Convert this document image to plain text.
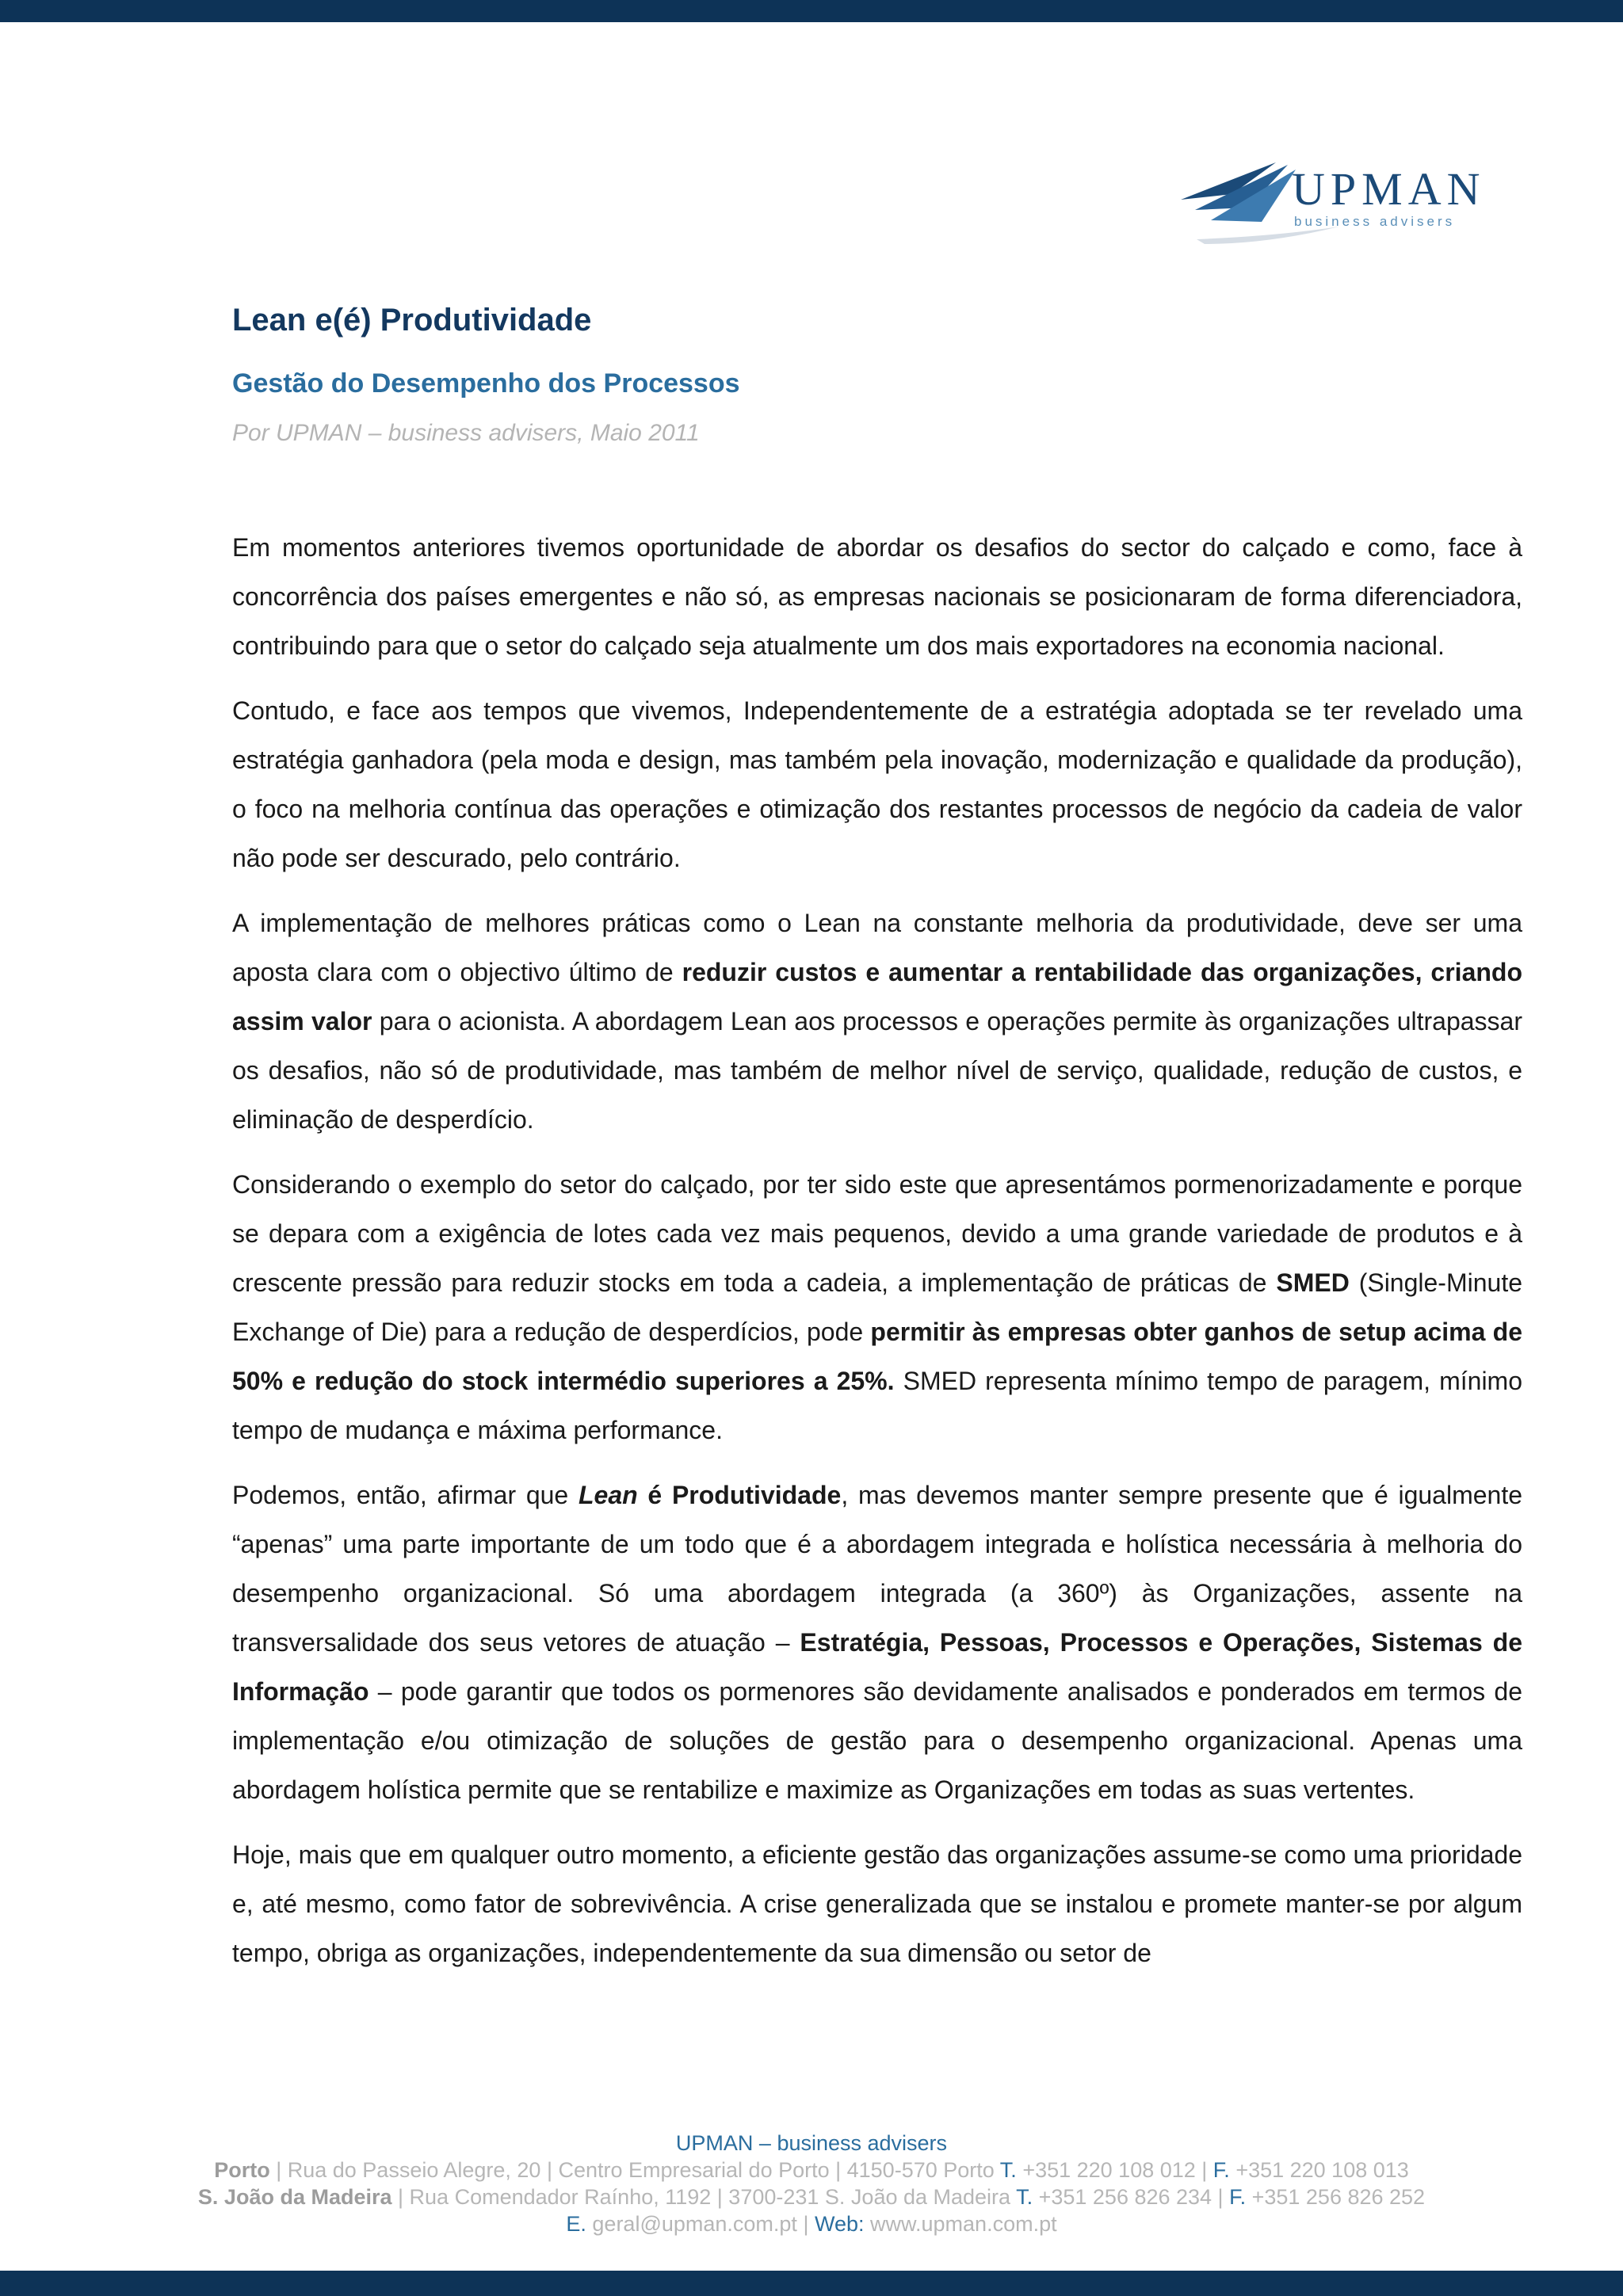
UPMAN
business advisers
Lean e(é) Produtividade
Gestão do Desempenho dos Processos
Por UPMAN – business advisers, Maio 2011

Em momentos anteriores tivemos oportunidade de abordar os desafios do sector do calçado e como, face à concorrência dos países emergentes e não só, as empresas nacionais se posicionaram de forma diferenciadora, contribuindo para que o setor do calçado seja atualmente um dos mais exportadores na economia nacional.

Contudo, e face aos tempos que vivemos, Independentemente de a estratégia adoptada se ter revelado uma estratégia ganhadora (pela moda e design, mas também pela inovação, modernização e qualidade da produção), o foco na melhoria contínua das operações e otimização dos restantes processos de negócio da cadeia de valor não pode ser descurado, pelo contrário.

A implementação de melhores práticas como o Lean na constante melhoria da produtividade, deve ser uma aposta clara com o objectivo último de reduzir custos e aumentar a rentabilidade das organizações, criando assim valor para o acionista. A abordagem Lean aos processos e operações permite às organizações ultrapassar os desafios, não só de produtividade, mas também de melhor nível de serviço, qualidade, redução de custos, e eliminação de desperdício.

Considerando o exemplo do setor do calçado, por ter sido este que apresentámos pormenorizadamente e porque se depara com a exigência de lotes cada vez mais pequenos, devido a uma grande variedade de produtos e à crescente pressão para reduzir stocks em toda a cadeia, a implementação de práticas de SMED (Single-Minute Exchange of Die) para a redução de desperdícios, pode permitir às empresas obter ganhos de setup acima de 50% e redução do stock intermédio superiores a 25%. SMED representa mínimo tempo de paragem, mínimo tempo de mudança e máxima performance.

Podemos, então, afirmar que Lean é Produtividade, mas devemos manter sempre presente que é igualmente “apenas” uma parte importante de um todo que é a abordagem integrada e holística necessária à melhoria do desempenho organizacional. Só uma abordagem integrada (a 360º) às Organizações, assente na transversalidade dos seus vetores de atuação – Estratégia, Pessoas, Processos e Operações, Sistemas de Informação – pode garantir que todos os pormenores são devidamente analisados e ponderados em termos de implementação e/ou otimização de soluções de gestão para o desempenho organizacional. Apenas uma abordagem holística permite que se rentabilize e maximize as Organizações em todas as suas vertentes.

Hoje, mais que em qualquer outro momento, a eficiente gestão das organizações assume-se como uma prioridade e, até mesmo, como fator de sobrevivência. A crise generalizada que se instalou e promete manter-se por algum tempo, obriga as organizações, independentemente da sua dimensão ou setor de

UPMAN – business advisers
Porto | Rua do Passeio Alegre, 20 | Centro Empresarial do Porto | 4150-570 Porto T. +351 220 108 012 | F. +351 220 108 013
S. João da Madeira | Rua Comendador Raínho, 1192 | 3700-231 S. João da Madeira T. +351 256 826 234 | F. +351 256 826 252
E. geral@upman.com.pt | Web: www.upman.com.pt
